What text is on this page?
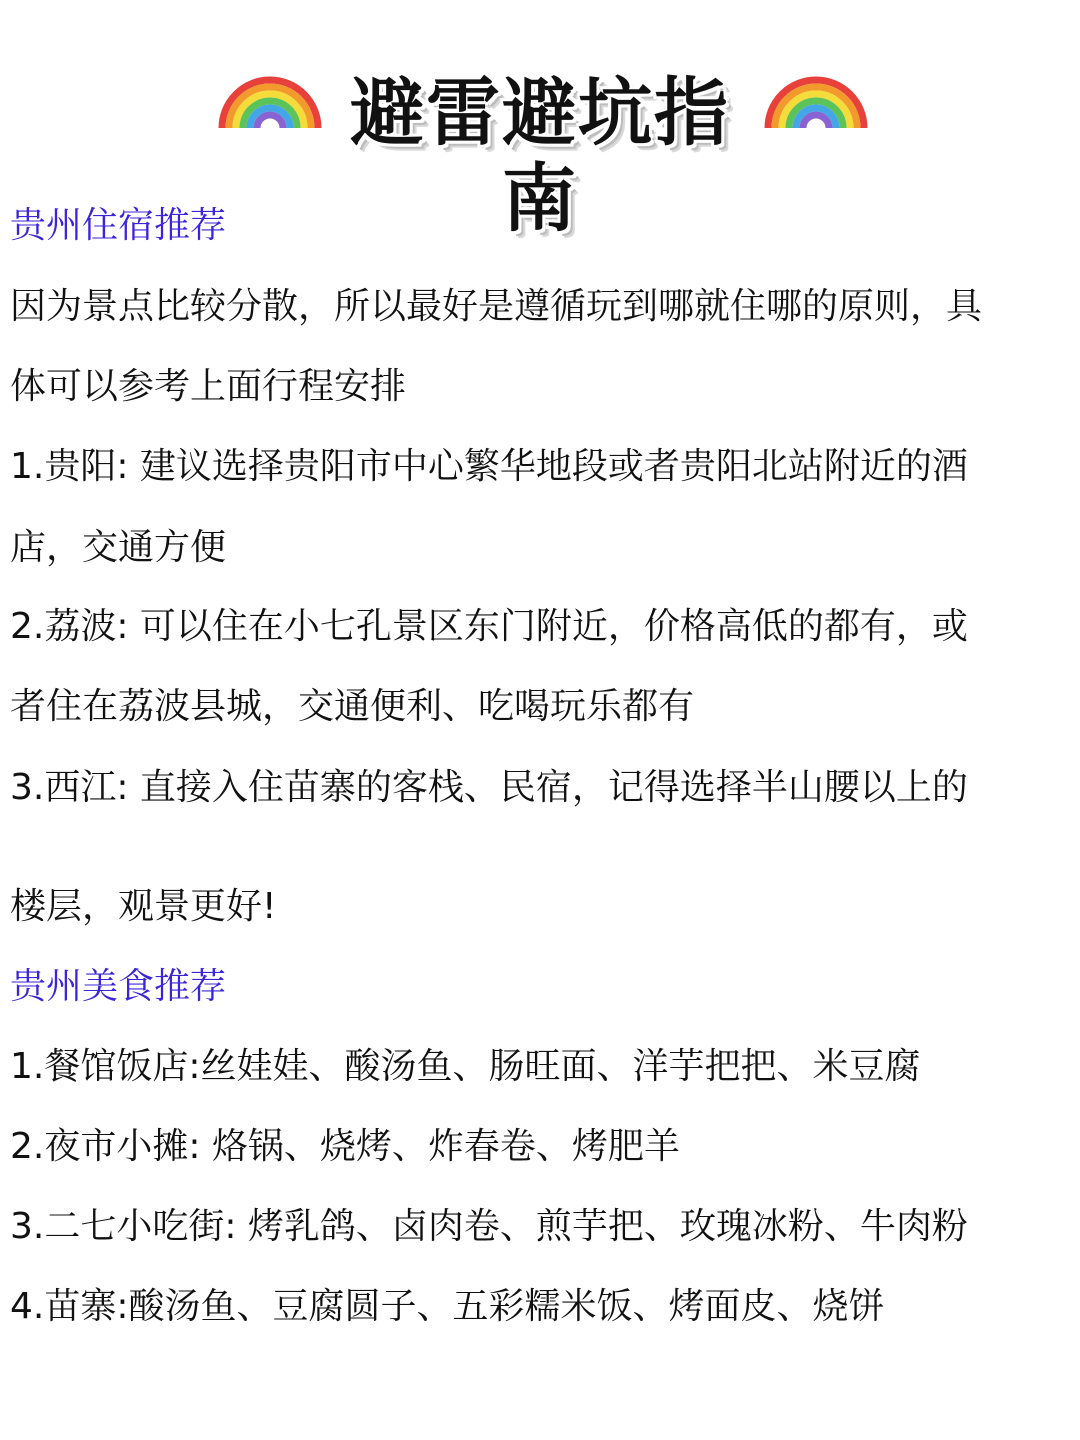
避雷避坑指南
贵州住宿推荐
因为景点比较分散，所以最好是遵循玩到哪就住哪的原则，具
体可以参考上面行程安排
1.贵阳: 建议选择贵阳市中心繁华地段或者贵阳北站附近的酒
店，交通方便
2.荔波: 可以住在小七孔景区东门附近，价格高低的都有，或
者住在荔波县城，交通便利、吃喝玩乐都有
3.西江: 直接入住苗寨的客栈、民宿，记得选择半山腰以上的
楼层，观景更好!
贵州美食推荐
1.餐馆饭店:丝娃娃、酸汤鱼、肠旺面、洋芋把把、米豆腐
2.夜市小摊: 烙锅、烧烤、炸春卷、烤肥羊
3.二七小吃街: 烤乳鸽、卤肉卷、煎芋把、玫瑰冰粉、牛肉粉
4.苗寨:酸汤鱼、豆腐圆子、五彩糯米饭、烤面皮、烧饼
